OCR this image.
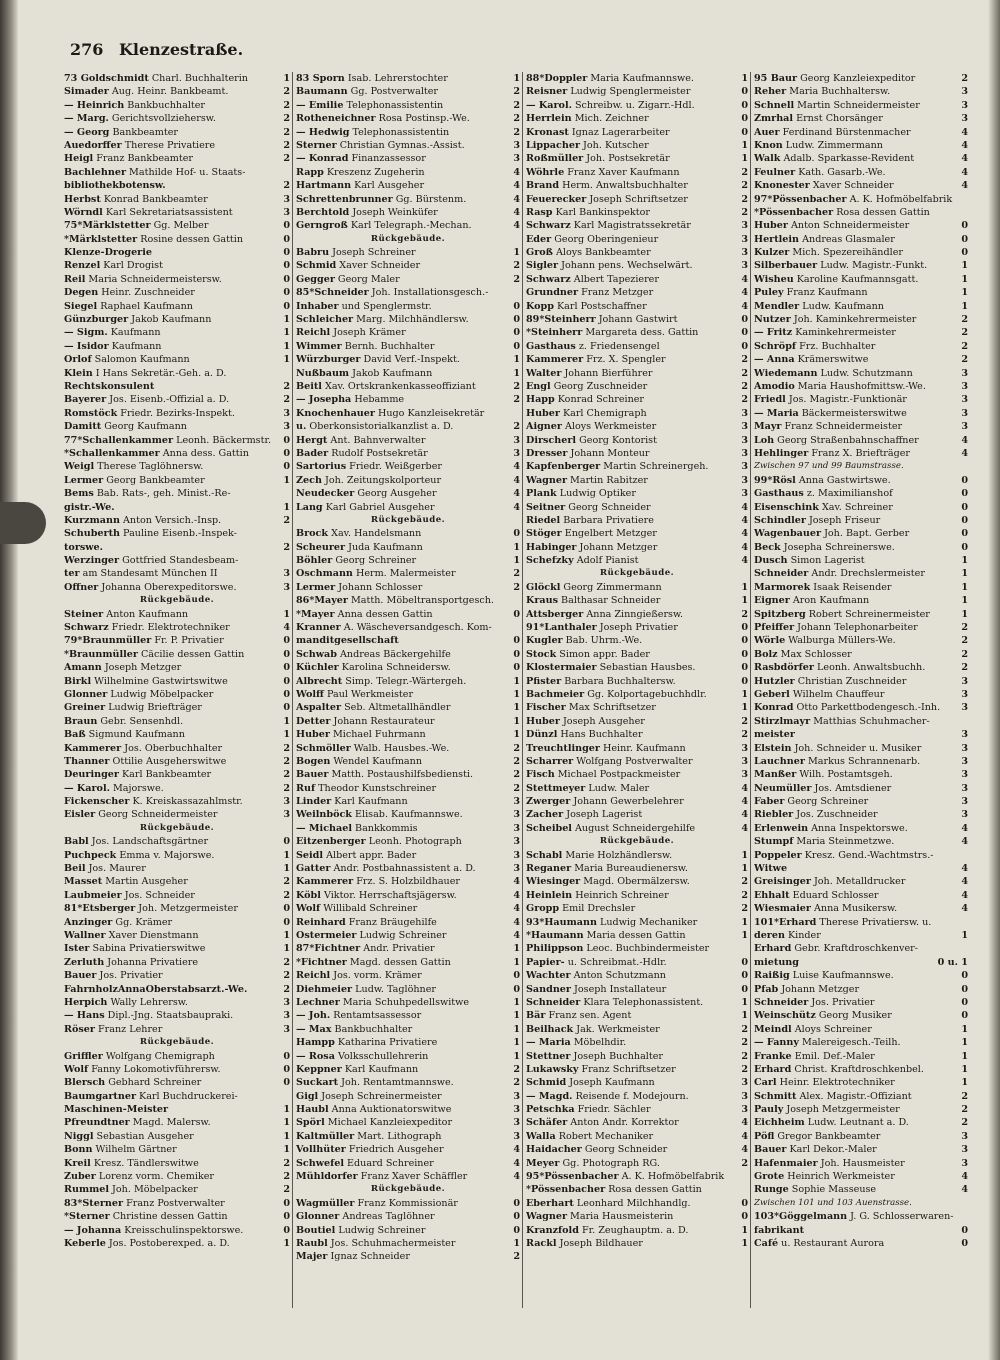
276 Klenzestraße.
73 Goldschmidt Charl. Buchhalterin	1
Simader Aug. Heinr. Bankbeamt.	2
— Heinrich Bankbuchhalter	2
— Marg. Gerichtsvollziehersw.	2
— Georg Bankbeamter	2
Auedorffer Therese Privatiere	2
Heigl Franz Bankbeamter	2
Bachlehner Mathilde Hof- u. Staats-
bibliothekbotensw.	2
Herbst Konrad Bankbeamter	3
Wörndl Karl Sekretariatsassistent	3
75*Märklstetter Gg. Melber	0
*Märklstetter Rosine dessen Gattin	0
Klenze-Drogerie	0
Renzel Karl Drogist	0
Reil Maria Schneidermeistersw.	0
Degen Heinr. Zuschneider	0
Siegel Raphael Kaufmann	0
Günzburger Jakob Kaufmann	1
— Sigm. Kaufmann	1
— Isidor Kaufmann	1
Orlof Salomon Kaufmann	1
Klein I Hans Sekretär.-Geh. a. D.
Rechtskonsulent	2
Bayerer Jos. Eisenb.-Offizial a. D.	2
Romstöck Friedr. Bezirks-Inspekt.	3
Damitt Georg Kaufmann	3
77*Schallenkammer Leonh. Bäckermstr. 0
*Schallenkammer Anna dess. Gattin	0
Weigl Therese Taglöhnersw.	0
Lermer Georg Bankbeamter	1
Bems Bab. Rats-, geh. Minist.-Re-
gistr.-We.	1
Kurzmann Anton Versich.-Insp.	2
Schuberth Pauline Eisenb.-Inspek-
torswe.	2
Werzinger Gottfried Standesbeam-
ter am Standesamt München II	3
Offner Johanna Oberexpeditorswe.	3
Rückgebäude.
Steiner Anton Kaufmann	1
Schwarz Friedr. Elektrotechniker	4
79*Braunmüller Fr. P. Privatier	0
*Braunmüller Cäcilie dessen Gattin	0
Amann Joseph Metzger	0
Birkl Wilhelmine Gastwirtswitwe	0
Glonner Ludwig Möbelpacker	0
Greiner Ludwig Briefträger	0
Braun Gebr. Sensenhdl.	1
Baß Sigmund Kaufmann	1
Kammerer Jos. Oberbuchhalter	2
Thanner Ottilie Ausgeherswitwe	2
Deuringer Karl Bankbeamter	2
— Karol. Majorswe.	2
Fickenscher K. Kreiskassazahlmstr.	3
Eisler Georg Schneidermeister	3
Rückgebäude.
Babl Jos. Landschaftsgärtner	0
Puchpeck Emma v. Majorswe.	1
Beil Jos. Maurer	1
Masset Martin Ausgeher	2
Laubmeier Jos. Schneider	2
81*Etsberger Joh. Metzgermeister	0
Anzinger Gg. Krämer	0
Wallner Xaver Dienstmann	1
Ister Sabina Privatierswitwe	1
Zerluth Johanna Privatiere	2
Bauer Jos. Privatier	2
FahrnholzAnnaOberstabsarzt.-We.	2
Herpich Wally Lehrersw.	3
— Hans Dipl.-Jng. Staatsbaupraki.	3
Röser Franz Lehrer	3
Rückgebäude.
Griffler Wolfgang Chemigraph	0
Wolf Fanny Lokomotivführersw.	0
Blersch Gebhard Schreiner	0
Baumgartner Karl Buchdruckerei-
Maschinen-Meister	1
Pfreundtner Magd. Malersw.	1
Niggl Sebastian Ausgeher	1
Bonn Wilhelm Gärtner	1
Kreil Kresz. Tändlerswitwe	2
Zuber Lorenz vorm. Chemiker	2
Rummel Joh. Möbelpacker	2
83*Sterner Franz Postverwalter	0
*Sterner Christine dessen Gattin	0
— Johanna Kreisschulinspektorswe.	0
Keberle Jos. Postoberexped. a. D.	1
83 Sporn Isab. Lehrerstochter	1
Baumann Gg. Postverwalter	2
— Emilie Telephonassistentin	2
Rotheneichner Rosa Postinsp.-We.	2
— Hedwig Telephonassistentin	2
Sterner Christian Gymnas.-Assist.	3
— Konrad Finanzassessor	3
Rapp Kreszenz Zugeherin	4
Hartmann Karl Ausgeher	4
Schrettenbrunner Gg. Bürstenm.	4
Berchtold Joseph Weinküfer	4
Gerngroß Karl Telegraph.-Mechan.	4
Rückgebäude.
Babru Joseph Schreiner	1
Schmid Xaver Schneider	2
Gegger Georg Maler	2
85*Schneider Joh. Installationsgesch.-
Inhaber und Spenglermstr.	0
Schleicher Marg. Milchhändlersw.	0
Reichl Joseph Krämer	0
Wimmer Bernh. Buchhalter	0
Würzburger David Verf.-Inspekt.	1
Nußbaum Jakob Kaufmann	1
Beitl Xav. Ortskrankenkasseoffiziant	2
— Josepha Hebamme	2
Knochenhauer Hugo Kanzleisekretär
u. Oberkonsistorialkanzlist a. D.	2
Hergt Ant. Bahnverwalter	3
Bader Rudolf Postsekretär	3
Sartorius Friedr. Weißgerber	4
Zech Joh. Zeitungskolporteur	4
Neudecker Georg Ausgeher	4
Lang Karl Gabriel Ausgeher	4
Rückgebäude.
Brock Xav. Handelsmann	0
Scheurer Juda Kaufmann	1
Böhler Georg Schreiner	1
Oschmann Herm. Malermeister	2
Lermer Johann Schlosser	2
86*Mayer Matth. Möbeltransportgesch.
*Mayer Anna dessen Gattin	0
Kranner A. Wäscheversandgesch. Kom-
manditgesellschaft	0
Schwab Andreas Bäckergehilfe	0
Küchler Karolina Schneidersw.	0
Albrecht Simp. Telegr.-Wärtergeh.	1
Wolff Paul Werkmeister	1
Aspalter Seb. Altmetallhändler	1
Detter Johann Restaurateur	1
Huber Michael Fuhrmann	1
Schmöller Walb. Hausbes.-We.	2
Bogen Wendel Kaufmann	2
Bauer Matth. Postaushilfsbediensti.	2
Ruf Theodor Kunstschreiner	2
Linder Karl Kaufmann	3
Weilnböck Elisab. Kaufmannswe.	3
— Michael Bankkommis	3
Eitzenberger Leonh. Photograph	3
Seidl Albert appr. Bader	3
Gatter Andr. Postbahnassistent a. D.	3
Kammerer Frz. S. Holzbildhauer	4
Köbl Viktor. Herrschaftsjägersw.	4
Wolf Willibald Schreiner	4
Reinhard Franz Bräugehilfe	4
Ostermeier Ludwig Schreiner	4
87*Fichtner Andr. Privatier	1
*Fichtner Magd. dessen Gattin	1
Reichl Jos. vorm. Krämer	0
Diehmeier Ludw. Taglöhner	0
Lechner Maria Schuhpedellswitwe	1
— Joh. Rentamtsassessor	1
— Max Bankbuchhalter	1
Hampp Katharina Privatiere	1
— Rosa Volksschullehrerin	1
Keppner Karl Kaufmann	2
Suckart Joh. Rentamtmannswe.	2
Gigl Joseph Schreinermeister	3
Haubl Anna Auktionatorswitwe	3
Spörl Michael Kanzleiexpeditor	3
Kaltmüller Mart. Lithograph	3
Vollhüter Friedrich Ausgeher	4
Schwefel Eduard Schreiner	4
Mühldorfer Franz Xaver Schäffler	4
Rückgebäude.
Wagmüller Franz Kommissionär	0
Glonner Andreas Taglöhner	0
Boutiel Ludwig Schreiner	0
Raubl Jos. Schuhmachermeister	1
Majer Ignaz Schneider	2
88*Doppler Maria Kaufmannswe.	1
Reisner Ludwig Spenglermeister	0
— Karol. Schreibw. u. Zigarr.-Hdl.	0
Herrlein Mich. Zeichner	0
Kronast Ignaz Lagerarbeiter	0
Lippacher Joh. Kutscher	1
Roßmüller Joh. Postsekretär	1
Wöhrle Franz Xaver Kaufmann	2
Brand Herm. Anwaltsbuchhalter	2
Feuerecker Joseph Schriftsetzer	2
Rasp Karl Bankinspektor	2
Schwarz Karl Magistratssekretär	3
Eder Georg Oberingenieur	3
Groß Aloys Bankbeamter	3
Sigler Johann pens. Wechselwärt.	3
Schwarz Albert Tapezierer	4
Grundner Franz Metzger	4
Kopp Karl Postschaffner	4
89*Steinherr Johann Gastwirt	0
*Steinherr Margareta dess. Gattin	0
Gasthaus z. Friedensengel	0
Kammerer Frz. X. Spengler	2
Walter Johann Bierführer	2
Engl Georg Zuschneider	2
Happ Konrad Schreiner	2
Huber Karl Chemigraph	3
Aigner Aloys Werkmeister	3
Dirscherl Georg Kontorist	3
Dresser Johann Monteur	3
Kapfenberger Martin Schreinergeh.	3
Wagner Martin Rabitzer	3
Plank Ludwig Optiker	3
Seitner Georg Schneider	4
Riedel Barbara Privatiere	4
Stöger Engelbert Metzger	4
Habinger Johann Metzger	4
Schefzky Adolf Pianist	4
Rückgebäude.
Glöckl Georg Zimmermann	1
Kraus Balthasar Schneider	1
Attsberger Anna Zinngießersw.	2
91*Lanthaler Joseph Privatier	0
Kugler Bab. Uhrm.-We.	0
Stock Simon appr. Bader	0
Klostermaier Sebastian Hausbes.	0
Pfister Barbara Buchhaltersw.	0
Bachmeier Gg. Kolportagebuchhdlr.	1
Fischer Max Schriftsetzer	1
Huber Joseph Ausgeher	2
Dünzl Hans Buchhalter	2
Treuchtlinger Heinr. Kaufmann	3
Scharrer Wolfgang Postverwalter	3
Fisch Michael Postpackmeister	3
Stettmeyer Ludw. Maler	4
Zwerger Johann Gewerbelehrer	4
Zacher Joseph Lagerist	4
Scheibel August Schneidergehilfe	4
Rückgebäude.
Schabl Marie Holzhändlersw.	1
Reganer Maria Bureaudienersw.	1
Wiesinger Magd. Obermälzersw.	2
Heinlein Heinrich Schreiner	2
Gropp Emil Drechsler	2
93*Haumann Ludwig Mechaniker	1
*Haumann Maria dessen Gattin	1
Philippson Leoc. Buchbindermeister
Papier- u. Schreibmat.-Hdlr.	0
Wachter Anton Schutzmann	0
Sandner Joseph Installateur	0
Schneider Klara Telephonassistent.	1
Bär Franz sen. Agent	1
Beilhack Jak. Werkmeister	2
— Maria Möbelhdir.	2
Stettner Joseph Buchhalter	2
Lukawsky Franz Schriftsetzer	2
Schmid Joseph Kaufmann	3
— Magd. Reisende f. Modejourn.	3
Petschka Friedr. Sächler	3
Schäfer Anton Andr. Korrektor	4
Walla Robert Mechaniker	4
Haidacher Georg Schneider	4
Meyer Gg. Photograph RG.	2
95*Pössenbacher A. K. Hofmöbelfabrik
*Pössenbacher Rosa dessen Gattin
Eberhart Leonhard Milchhandlg.	0
Wagner Maria Hausmeisterin	0
Kranzfold Fr. Zeughauptm. a. D.	1
Rackl Joseph Bildhauer	1
95 Baur Georg Kanzleiexpeditor	2
Reher Maria Buchhaltersw.	3
Schnell Martin Schneidermeister	3
Zmrhal Ernst Chorsänger	3
Auer Ferdinand Bürstenmacher	4
Knon Ludw. Zimmermann	4
Walk Adalb. Sparkasse-Revident	4
Feulner Kath. Gasarb.-We.	4
Knonester Xaver Schneider	4
97*Pössenbacher A. K. Hofmöbelfabrik
*Pössenbacher Rosa dessen Gattin
Huber Anton Schneidermeister	0
Hertlein Andreas Glasmaler	0
Kulzer Mich. Spezereihändler	0
Silberbauer Ludw. Magistr.-Funkt.	1
Wisheu Karoline Kaufmannsgatt.	1
Puley Franz Kaufmann	1
Mendler Ludw. Kaufmann	1
Nutzer Joh. Kaminkehrermeister	2
— Fritz Kaminkehrermeister	2
Schröpf Frz. Buchhalter	2
— Anna Krämerswitwe	2
Wiedemann Ludw. Schutzmann	3
Amodio Maria Haushofmittsw.-We.	3
Friedl Jos. Magistr.-Funktionär	3
— Maria Bäckermeisterswitwe	3
Mayr Franz Schneidermeister	3
Loh Georg Straßenbahnschaffner	4
Hehlinger Franz X. Briefträger	4
Zwischen 97 und 99 Baumstrasse.
99*Rösl Anna Gastwirtswe.	0
Gasthaus z. Maximilianshof	0
Eisenschink Xav. Schreiner	0
Schindler Joseph Friseur	0
Wagenbauer Joh. Bapt. Gerber	0
Beck Josepha Schreinerswe.	0
Dusch Simon Lagerist	1
Schneider Andr. Drechslermeister	1
Marmorek Isaak Reisender	1
Eigner Aron Kaufmann	1
Spitzberg Robert Schreinermeister	1
Pfeiffer Johann Telephonarbeiter	2
Wörle Walburga Müllers-We.	2
Bolz Max Schlosser	2
Rasbdörfer Leonh. Anwaltsbuchh.	2
Hutzler Christian Zuschneider	3
Geberl Wilhelm Chauffeur	3
Konrad Otto Parkettbodengesch.-Inh. 3
Stirzlmayr Matthias Schuhmacher-
meister	3
Elstein Joh. Schneider u. Musiker	3
Lauchner Markus Schrannenarb.	3
Manßer Wilh. Postamtsgeh.	3
Neumüller Jos. Amtsdiener	3
Faber Georg Schreiner	3
Riebler Jos. Zuschneider	3
Erlenwein Anna Inspektorswe.	4
Stumpf Maria Steinmetzwe.	4
Poppeler Kresz. Gend.-Wachtmstrs.-
Witwe	4
Greisinger Joh. Metalldrucker	4
Ehhalt Eduard Schlosser	4
Wiesmaier Anna Musikersw.	4
101*Erhard Therese Privatiersw. u.
deren Kinder	1
Erhard Gebr. Kraftdroschkenver-
mietung	0 u. 1
Raißig Luise Kaufmannswe.	0
Pfab Johann Metzger	0
Schneider Jos. Privatier	0
Weinschütz Georg Musiker	0
Meindl Aloys Schreiner	1
— Fanny Malereigesch.-Teilh.	1
Franke Emil. Def.-Maler	1
Erhard Christ. Kraftdroschkenbel.	1
Carl Heinr. Elektrotechniker	1
Schmitt Alex. Magistr.-Offiziant	2
Pauly Joseph Metzgermeister	2
Eichheim Ludw. Leutnant a. D.	2
Pöfl Gregor Bankbeamter	3
Bauer Karl Dekor.-Maler	3
Hafenmaier Joh. Hausmeister	3
Grote Heinrich Werkmeister	4
Runge Sophie Masseuse	4
Zwischen 101 und 103 Auenstrasse.
103*Göggelmann J. G. Schlosserwaren-
fabrikant	0
Café u. Restaurant Aurora	0
